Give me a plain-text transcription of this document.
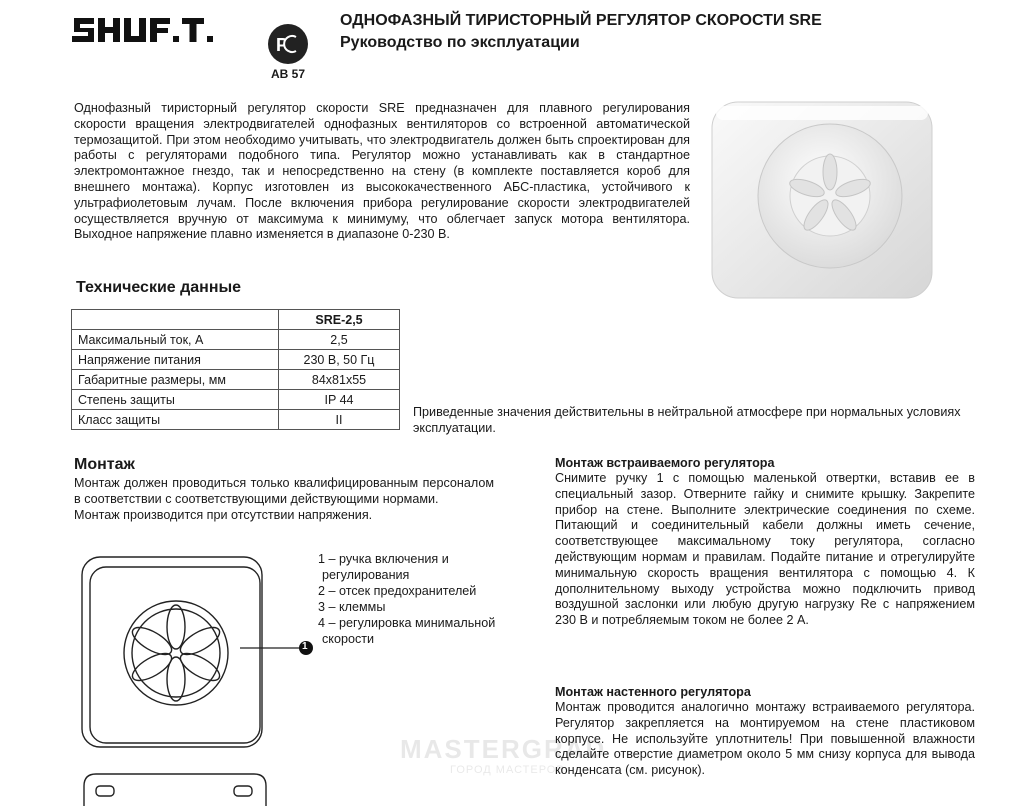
Р
АВ 57
ОДНОФАЗНЫЙ ТИРИСТОРНЫЙ РЕГУЛЯТОР СКОРОСТИ SRE
Руководство по эксплуатации
Однофазный тиристорный регулятор скорости SRE предназначен для плавного регулирования скорости вращения электродвигателей однофазных вентиляторов со встроенной автоматической термозащитой. При этом необходимо учитывать, что электродвигатель должен быть спроектирован для работы с регуляторами подобного типа. Регулятор можно устанавливать как в стандартное электромонтажное гнездо, так и непосредственно на стену (в комплекте поставляется короб для внешнего монтажа). Корпус изготовлен из высококачественного АБС-пластика, устойчивого к ультрафиолетовым лучам. После включения прибора регулирование скорости электродвигателей осуществляется вручную от максимума к минимуму, что облегчает запуск мотора вентилятора. Выходное напряжение плавно изменяется в диапазоне 0-230 В.
Технические данные
	SRE-2,5
Максимальный ток, А	2,5
Напряжение питания	230 В, 50 Гц
Габаритные размеры, мм	84х81х55
Степень защиты	IP 44
Класс защиты	II
Приведенные значения действительны в нейтральной атмосфере при нормальных условиях эксплуатации.
Монтаж
Монтаж должен проводиться только квалифицированным персоналом в соответствии с соответствующими действующими нормами.
Монтаж производится при отсутствии напряжения.
1
1 – ручка включения и
регулирования
2 – отсек предохранителей
3 – клеммы
4 – регулировка минимальной
скорости
Монтаж встраиваемого регулятора
Снимите ручку 1 с помощью маленькой отвертки, вставив ее в специальный зазор. Отверните гайку и снимите крышку. Закрепите прибор на стене. Выполните электрические соединения по схеме. Питающий и соединительный кабели должны иметь сечение, соответствующее максимальному току регулятора, согласно действующим нормам и правилам. Подайте питание и отрегулируйте минимальную скорость вращения вентилятора с помощью 4. К дополнительному выходу устройства можно подключить привод воздушной заслонки или любую другую нагрузку Re с напряжением 230 В и потребляемым током не более 2 А.
Монтаж настенного регулятора
Монтаж проводится аналогично монтажу встраиваемого регулятора. Регулятор закрепляется на монтируемом на стене пластиковом корпусе. Не используйте уплотнитель! При повышенной влажности сделайте отверстие диаметром около 5 мм снизу корпуса для вывода конденсата (см. рисунок).
MASTERGRAD
ГОРОД МАСТЕРОВ
